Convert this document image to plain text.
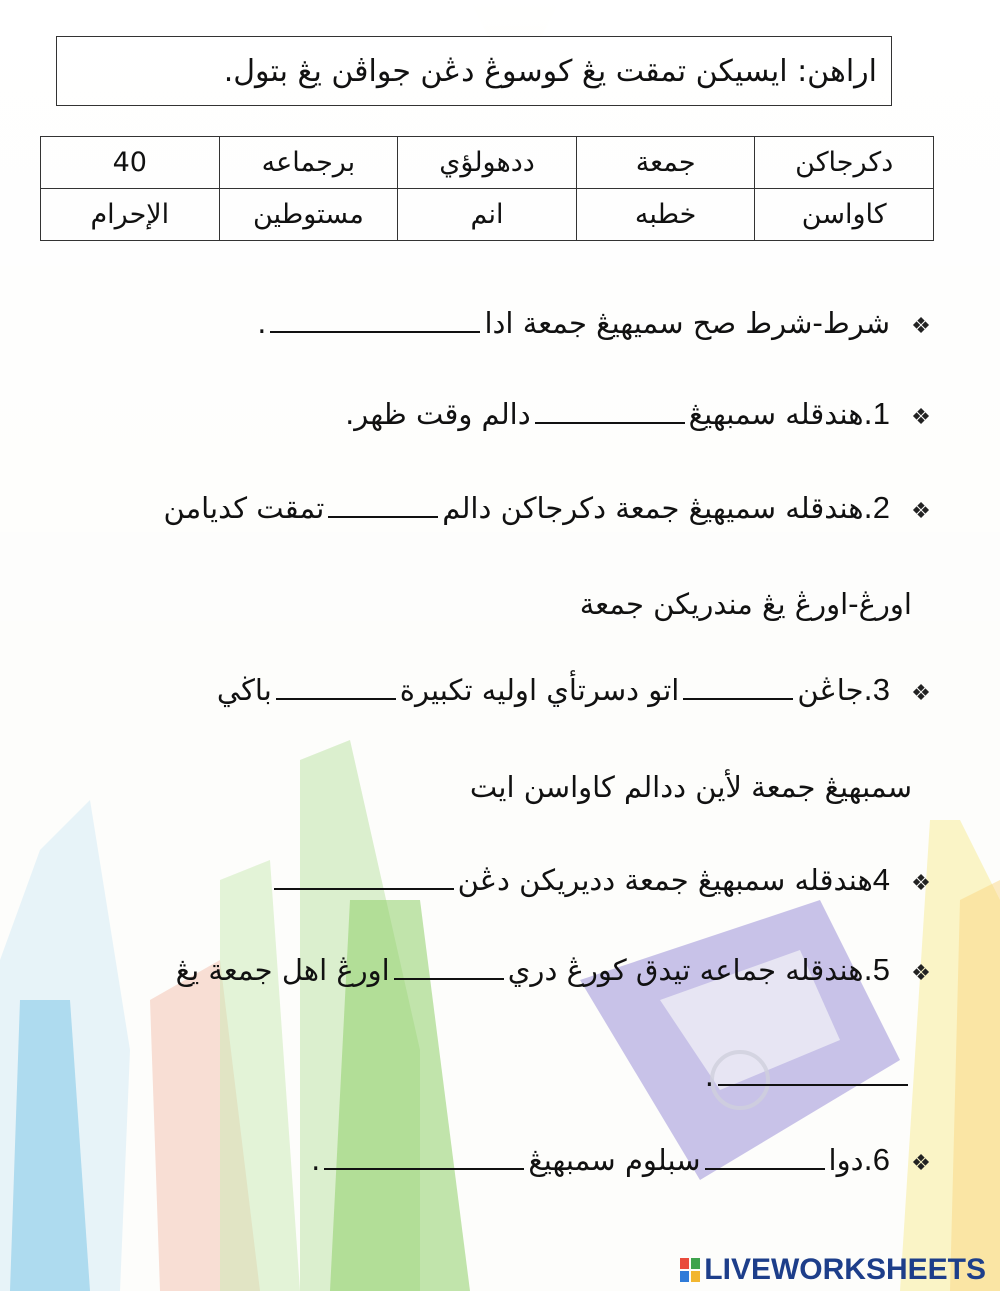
اراهن: ايسيكن تمقت يڠ كوسوڠ دڠن جواڤن يڠ بتول.
دكرجاكن	جمعة	ددهولؤي	برجماعه	40
كاواسن	خطبه	انم	مستوطين	الإحرام
❖شرط-شرط صح سميهيڠ جمعة ادا.
❖1.هندقله سمبهيڠدالم وقت ظهر.
❖2.هندقله سميهيڠ جمعة دكرجاكن دالمتمقت كديامن
اورڠ-اورڠ يڠ مندريكن جمعة
❖3.جاڠناتو دسرتأي اوليه تكبيرةباڬي
سمبهيڠ جمعة لأين ددالم كاواسن ايت
❖4هندقله سمبهيڠ جمعة ددیريكن دڠن
❖5.هندقله جماعه تيدق كورڠ درياورڠ اهل جمعة يڠ
.
❖6.دواسبلوم سمبهيڠ.
LIVEWORKSHEETS
